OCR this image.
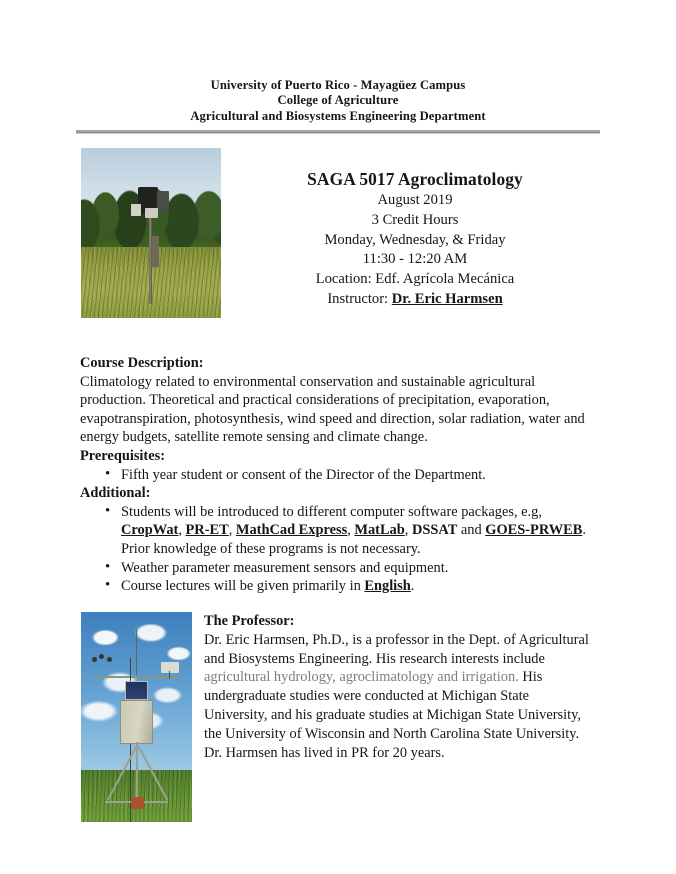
University of Puerto Rico - Mayagüez Campus
College of Agriculture
Agricultural and Biosystems Engineering Department
SAGA 5017 Agroclimatology
August 2019
3 Credit Hours
Monday, Wednesday, & Friday
11:30 - 12:20 AM
Location: Edf. Agrícola Mecánica
Instructor: Dr. Eric Harmsen
Course Description:

Climatology related to environmental conservation and sustainable agricultural production. Theoretical and practical considerations of precipitation, evaporation, evapotranspiration, photosynthesis, wind speed and direction, solar radiation, water and energy budgets, satellite remote sensing and climate change.

Prerequisites:
• Fifth year student or consent of the Director of the Department.
Additional:
• Students will be introduced to different computer software packages, e.g, CropWat, PR-ET, MathCad Express, MatLab, DSSAT and GOES-PRWEB. Prior knowledge of these programs is not necessary.
• Weather parameter measurement sensors and equipment.
• Course lectures will be given primarily in English.
The Professor:

Dr. Eric Harmsen, Ph.D., is a professor in the Dept. of Agricultural and Biosystems Engineering. His research interests include agricultural hydrology, agroclimatology and irrigation. His undergraduate studies were conducted at Michigan State University, and his graduate studies at Michigan State University, the University of Wisconsin and North Carolina State University. Dr. Harmsen has lived in PR for 20 years.
